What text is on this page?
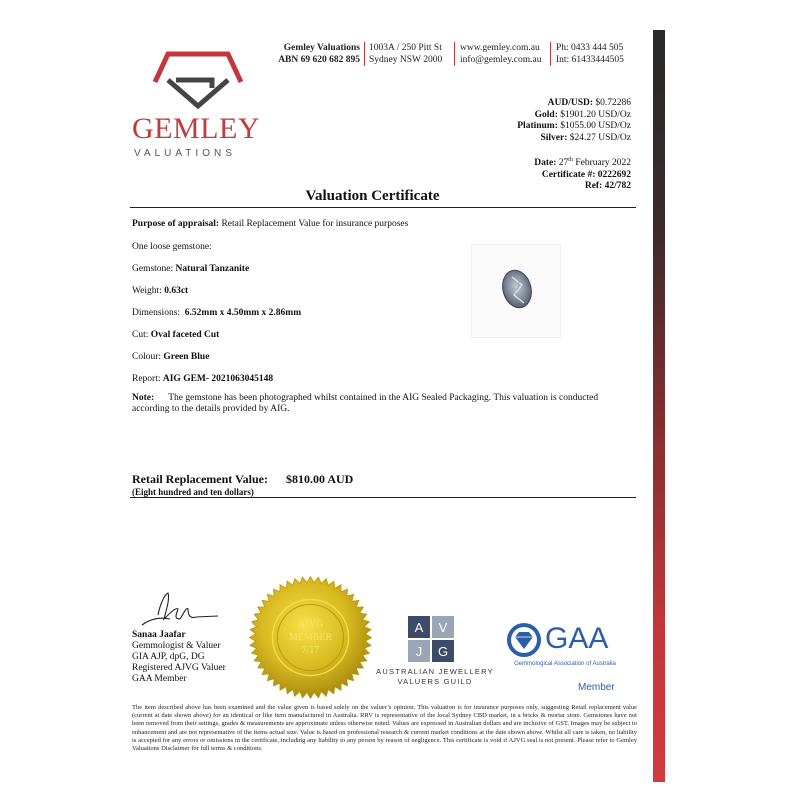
GEMLEY
VALUATIONS
Gemley Valuations
ABN 69 620 682 895
1003A / 250 Pitt St
Sydney NSW 2000
www.gemley.com.au
info@gemley.com.au
Ph: 0433 444 505
Int: 61433444505
AUD/USD: $0.72286
Gold: $1901.20 USD/Oz
Platinum: $1055.00 USD/Oz
Silver: $24.27 USD/Oz
Date: 27th February 2022
Certificate #: 0222692
Ref: 42/782
Valuation Certificate
Purpose of appraisal: Retail Replacement Value for insurance purposes
One loose gemstone:
Gemstone: Natural Tanzanite
Weight: 0.63ct
Dimensions: 6.52mm x 4.50mm x 2.86mm
Cut: Oval faceted Cut
Colour: Green Blue
Report: AIG GEM- 2021063045148
Note: The gemstone has been photographed whilst contained in the AIG Sealed Packaging. This valuation is conducted according to the details provided by AIG.
Retail Replacement Value: $810.00 AUD
(Eight hundred and ten dollars)
Sanaa Jaafar
Gemmologist & Valuer
GIA AJP, dpG, DG
Registered AJVG Valuer
GAA Member
AJVG
MEMBER
7/17
A V
J G
AUSTRALIAN JEWELLERY
VALUERS GUILD
GAA
Gemmological Association of Australia
Member
The item described above has been examined and the value given is based solely on the valuer’s opinion. This valuation is for insurance purposes only, suggesting Retail replacement value (current at date shown above) for an identical or like item manufactured in Australia. RRV is representative of the local Sydney CBD market, in a bricks & mortar store. Gemstones have not been removed from their settings, grades & measurements are approximate unless otherwise noted. Values are expressed in Australian dollars and are inclusive of GST. Images may be subject to enhancement and are not representative of the items actual size. Value is based on professional research & current market conditions at the date shown above. Whilst all care is taken, no liability is accepted for any errors or omissions in the certificate, including any liability to any person by reason of negligence. This certificate is void if AJVG seal is not present. Please refer to Gemley Valuations Disclaimer for full terms & conditions.
